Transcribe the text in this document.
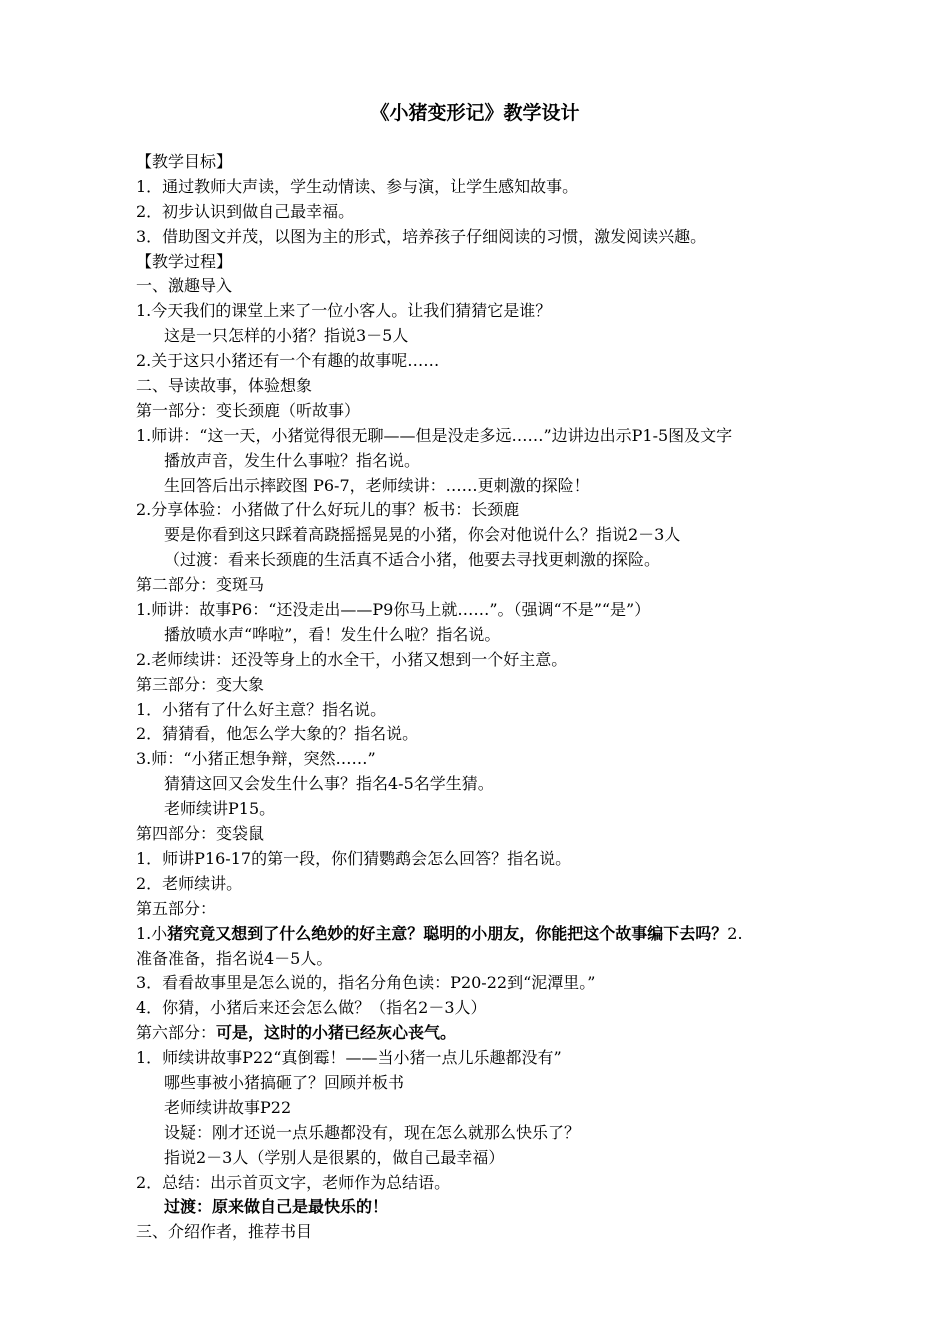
《小猪变形记》教学设计
【教学目标】
1．通过教师大声读，学生动情读、参与演，让学生感知故事。
2．初步认识到做自己最幸福。
3．借助图文并茂，以图为主的形式，培养孩子仔细阅读的习惯，激发阅读兴趣。
【教学过程】
一、激趣导入
1.今天我们的课堂上来了一位小客人。让我们猜猜它是谁？
这是一只怎样的小猪？指说3－5人
2.关于这只小猪还有一个有趣的故事呢……
二、导读故事，体验想象
第一部分：变长颈鹿（听故事）
1.师讲：“这一天，小猪觉得很无聊——但是没走多远……”边讲边出示P1-5图及文字
播放声音，发生什么事啦？指名说。
生回答后出示摔跤图 P6-7，老师续讲：……更刺激的探险！
2.分享体验：小猪做了什么好玩儿的事？板书：长颈鹿
要是你看到这只踩着高跷摇摇晃晃的小猪，你会对他说什么？指说2－3人
（过渡：看来长颈鹿的生活真不适合小猪，他要去寻找更刺激的探险。
第二部分：变斑马
1.师讲：故事P6：“还没走出——P9你马上就……”。（强调“不是”“是”）
播放喷水声“哗啦”，看！发生什么啦？指名说。
2.老师续讲：还没等身上的水全干，小猪又想到一个好主意。
第三部分：变大象
1．小猪有了什么好主意？指名说。
2．猜猜看，他怎么学大象的？指名说。
3.师：“小猪正想争辩，突然……”
猜猜这回又会发生什么事？指名4-5名学生猜。
老师续讲P15。
第四部分：变袋鼠
1．师讲P16-17的第一段，你们猜鹦鹉会怎么回答？指名说。
2．老师续讲。
第五部分：
1.小猪究竟又想到了什么绝妙的好主意？聪明的小朋友，你能把这个故事编下去吗？2.
准备准备，指名说4－5人。
3．看看故事里是怎么说的，指名分角色读：P20-22到“泥潭里。”
4．你猜，小猪后来还会怎么做？（指名2－3人）
第六部分：可是，这时的小猪已经灰心丧气。
1．师续讲故事P22“真倒霉！——当小猪一点儿乐趣都没有”
哪些事被小猪搞砸了？回顾并板书
老师续讲故事P22
设疑：刚才还说一点乐趣都没有，现在怎么就那么快乐了？
指说2－3人（学别人是很累的，做自己最幸福）
2．总结：出示首页文字，老师作为总结语。
过渡：原来做自己是最快乐的！
三、介绍作者，推荐书目
